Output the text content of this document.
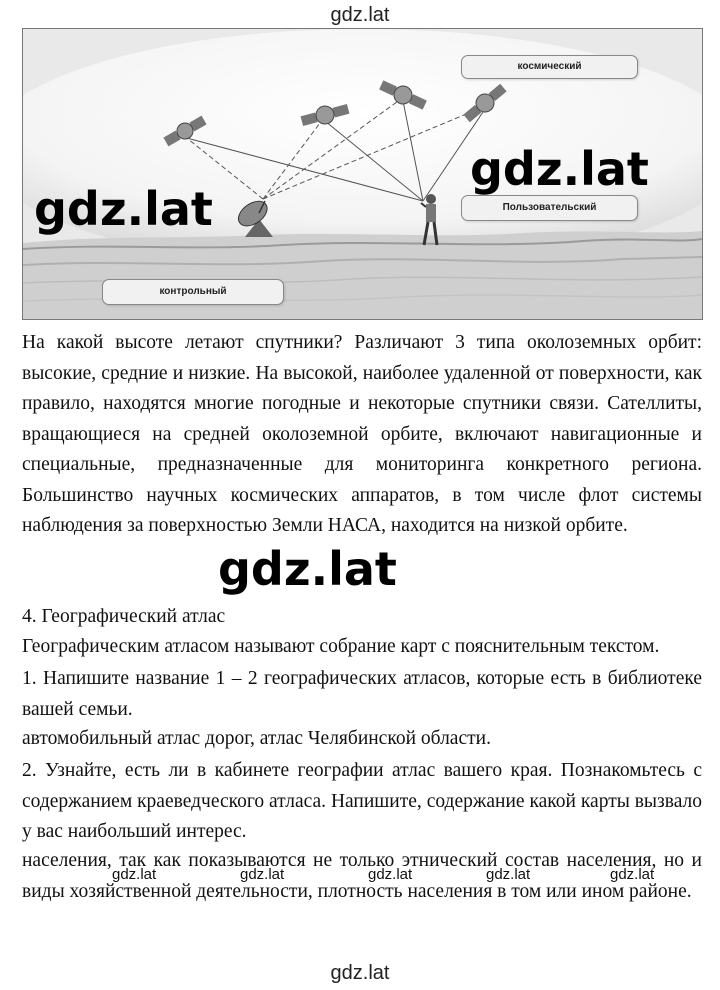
gdz.lat
космический
Пользовательский
контрольный
gdz.lat
gdz.lat

На какой высоте летают спутники? Различают 3 типа околоземных орбит: высокие, средние и низкие. На высокой, наиболее удаленной от поверхности, как правило, находятся многие погодные и некоторые спутники связи. Сателлиты, вращающиеся на средней околоземной орбите, включают навигационные и специальные, предназначенные для мониторинга конкретного региона. Большинство научных космических аппаратов, в том числе флот системы наблюдения за поверхностью Земли НАСА, находится на низкой орбите.

gdz.lat

4. Географический атлас

Географическим атласом называют собрание карт с пояснительным текстом.

1. Напишите название 1 – 2 географических атласов, которые есть в библиотеке вашей семьи.

автомобильный атлас дорог, атлас Челябинской области.

2. Узнайте, есть ли в кабинете географии атлас вашего края. Познакомьтесь с содержанием краеведческого атласа. Напишите, содержание какой карты вызвало у вас наибольший интерес.

населения, так как показываются не только этнический состав населения, но и виды хозяйственной деятельности, плотность населения в том или ином районе.

gdz.lat	gdz.lat	gdz.lat	gdz.lat	gdz.lat
gdz.lat
